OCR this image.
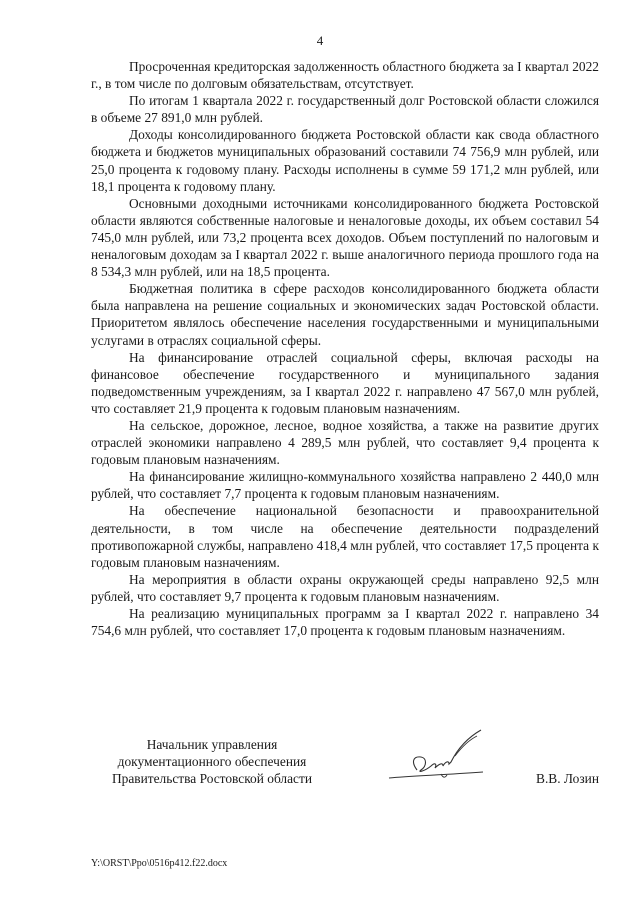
4

Просроченная кредиторская задолженность областного бюджета за I квартал 2022 г., в том числе по долговым обязательствам, отсутствует.

По итогам 1 квартала 2022 г. государственный долг Ростовской области сложился в объеме 27 891,0 млн рублей.

Доходы консолидированного бюджета Ростовской области как свода областного бюджета и бюджетов муниципальных образований составили 74 756,9 млн рублей, или 25,0 процента к годовому плану. Расходы исполнены в сумме 59 171,2 млн рублей, или 18,1 процента к годовому плану.

Основными доходными источниками консолидированного бюджета Ростовской области являются собственные налоговые и неналоговые доходы, их объем составил 54 745,0 млн рублей, или 73,2 процента всех доходов. Объем поступлений по налоговым и неналоговым доходам за I квартал 2022 г. выше аналогичного периода прошлого года на 8 534,3 млн рублей, или на 18,5 процента.

Бюджетная политика в сфере расходов консолидированного бюджета области была направлена на решение социальных и экономических задач Ростовской области. Приоритетом являлось обеспечение населения государственными и муниципальными услугами в отраслях социальной сферы.

На финансирование отраслей социальной сферы, включая расходы на финансовое обеспечение государственного и муниципального задания подведомственным учреждениям, за I квартал 2022 г. направлено 47 567,0 млн рублей, что составляет 21,9 процента к годовым плановым назначениям.

На сельское, дорожное, лесное, водное хозяйства, а также на развитие других отраслей экономики направлено 4 289,5 млн рублей, что составляет 9,4 процента к годовым плановым назначениям.

На финансирование жилищно-коммунального хозяйства направлено 2 440,0 млн рублей, что составляет 7,7 процента к годовым плановым назначениям.

На обеспечение национальной безопасности и правоохранительной деятельности, в том числе на обеспечение деятельности подразделений противопожарной службы, направлено 418,4 млн рублей, что составляет 17,5 процента к годовым плановым назначениям.

На мероприятия в области охраны окружающей среды направлено 92,5 млн рублей, что составляет 9,7 процента к годовым плановым назначениям.

На реализацию муниципальных программ за I квартал 2022 г. направлено 34 754,6 млн рублей, что составляет 17,0 процента к годовым плановым назначениям.

Начальник управления
документационного обеспечения
Правительства Ростовской области	В.В. Лозин
Y:\ORST\Ppo\0516p412.f22.docx
